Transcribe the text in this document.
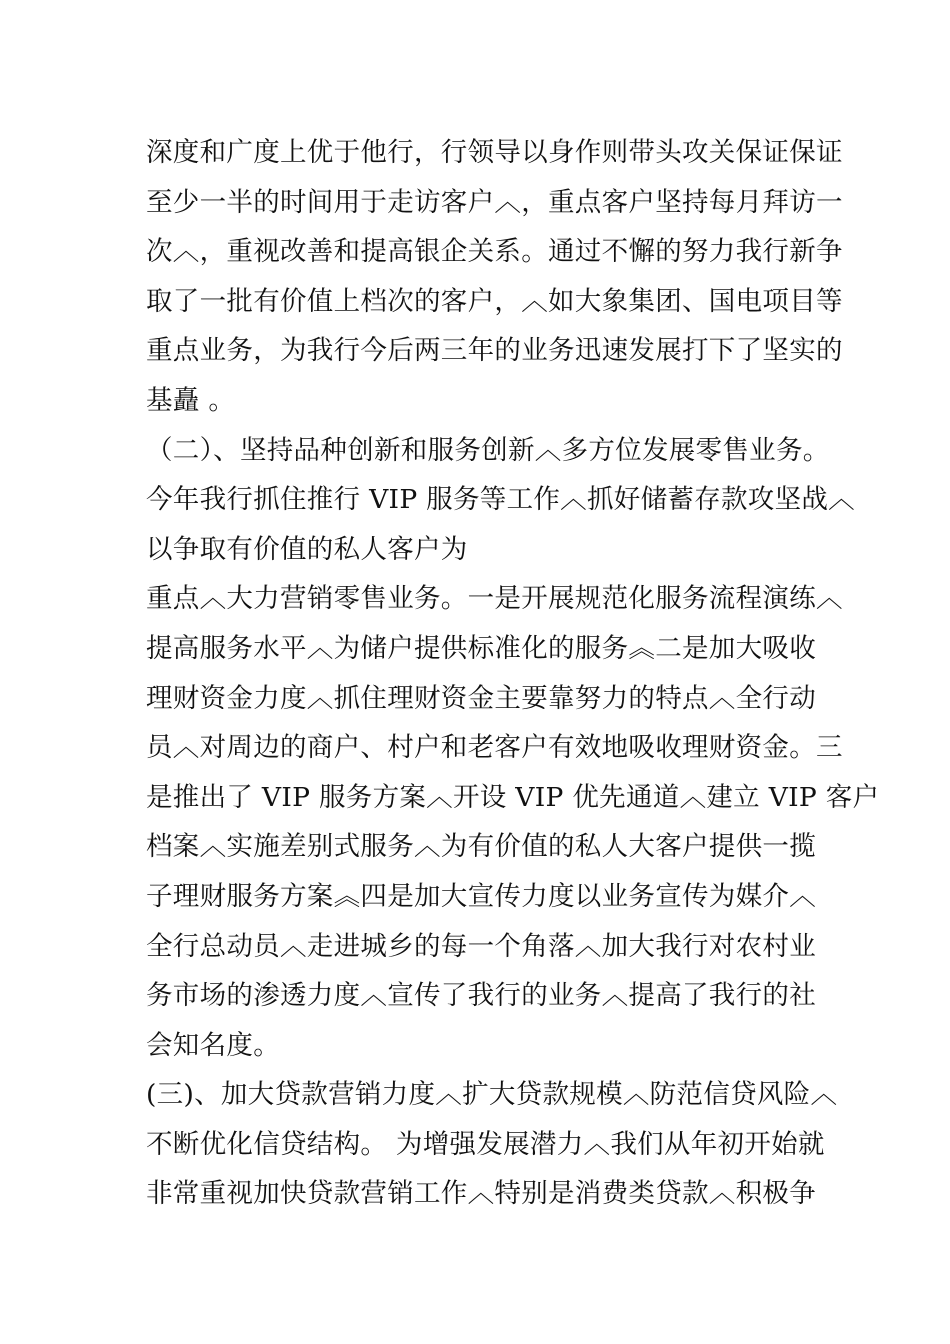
深度和广度上优于他行，行领导以身作则带头攻关保证保证
至少一半的时间用于走访客户︿，重点客户坚持每月拜访一
次︿，重视改善和提高银企关系。通过不懈的努力我行新争
取了一批有价值上档次的客户，︿如大象集团、国电项目等
重点业务，为我行今后两三年的业务迅速发展打下了坚实的
基矗 。
（二）、坚持品种创新和服务创新︿多方位发展零售业务。
今年我行抓住推行 VIP 服务等工作︿抓好储蓄存款攻坚战︿
以争取有价值的私人客户为
重点︿大力营销零售业务。一是开展规范化服务流程演练︿
提高服务水平︿为储户提供标准化的服务︽二是加大吸收
理财资金力度︿抓住理财资金主要靠努力的特点︿全行动
员︿对周边的商户、村户和老客户有效地吸收理财资金。三
是推出了 VIP 服务方案︿开设 VIP 优先通道︿建立 VIP 客户
档案︿实施差别式服务︿为有价值的私人大客户提供一揽
子理财服务方案︽四是加大宣传力度以业务宣传为媒介︿
全行总动员︿走进城乡的每一个角落︿加大我行对农村业
务市场的渗透力度︿宣传了我行的业务︿提高了我行的社
会知名度。
(三)、加大贷款营销力度︿扩大贷款规模︿防范信贷风险︿
不断优化信贷结构。 为增强发展潜力︿我们从年初开始就
非常重视加快贷款营销工作︿特别是消费类贷款︿积极争
